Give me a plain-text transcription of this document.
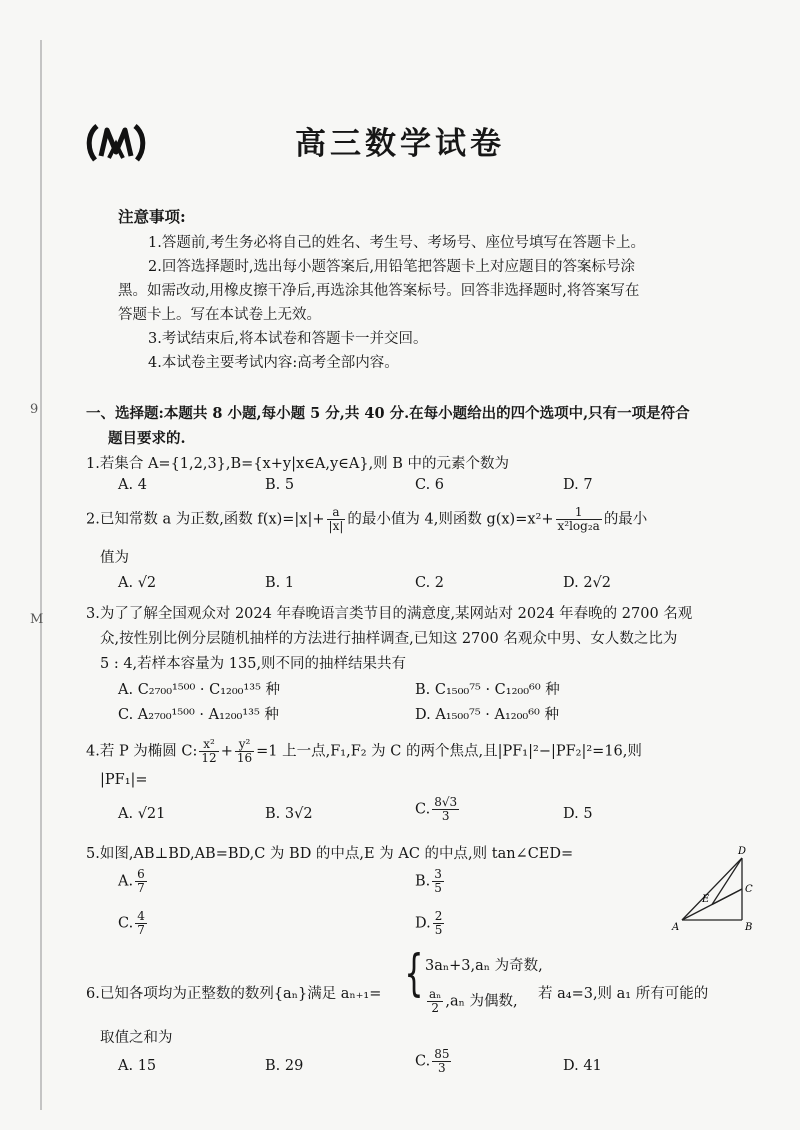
9
M
高三数学试卷
注意事项:
1.答题前,考生务必将自己的姓名、考生号、考场号、座位号填写在答题卡上。
2.回答选择题时,选出每小题答案后,用铅笔把答题卡上对应题目的答案标号涂
黑。如需改动,用橡皮擦干净后,再选涂其他答案标号。回答非选择题时,将答案写在
答题卡上。写在本试卷上无效。
3.考试结束后,将本试卷和答题卡一并交回。
4.本试卷主要考试内容:高考全部内容。
一、选择题:本题共 8 小题,每小题 5 分,共 40 分.在每小题给出的四个选项中,只有一项是符合
题目要求的.
1.若集合 A={1,2,3},B={x+y|x∈A,y∈A},则 B 中的元素个数为
A. 4	B. 5	C. 6	D. 7
2.已知常数 a 为正数,函数 $f(x)=|x|+ \frac{a}{|x|}$ 的最小值为 4,则函数 $g(x)=x^2+ \frac{1}{\text{x²log₂a}}$ 的最小
值为
A. √2	B. 1	C. 2	D. 2√2
3.为了了解全国观众对 2024 年春晚语言类节目的满意度,某网站对 2024 年春晚的 2700 名观
众,按性别比例分层随机抽样的方法进行抽样调查,已知这 2700 名观众中男、女人数之比为
5 : 4,若样本容量为 135,则不同的抽样结果共有
A. C₂₇₀₀¹⁵⁰⁰ · C₁₂₀₀¹³⁵ 种	B. C₁₅₀₀⁷⁵ · C₁₂₀₀⁶⁰ 种
C. A₂₇₀₀¹⁵⁰⁰ · A₁₂₀₀¹³⁵ 种	D. A₁₅₀₀⁷⁵ · A₁₂₀₀⁶⁰ 种
4.若 P 为椭圆 C: $\frac{\text{x²}}{12} + \frac{\text{y²}}{16} =1$ 上一点,F₁,F₂ 为 C 的两个焦点,且|PF₁|²−|PF₂|²=16,则
|PF₁|=
A. √21	B. 3√2	C. $\frac{8√3}{3}$	D. 5
5.如图,AB⊥BD,AB=BD,C 为 BD 的中点,E 为 AC 的中点,则 tan∠CED=
A. $\frac{6}{7}$	B. $\frac{3}{5}$
C. $\frac{4}{7}$	D. $\frac{2}{5}$
D
E
C
A	B
6.已知各项均为正整数的数列{aₙ}满足 aₙ₊₁= { 3aₙ+3,aₙ 为奇数,
$\frac{\text{aₙ}}{2} ,a_n$ 为偶数, 若 a₄=3,则 a₁ 所有可能的
取值之和为
A. 15	B. 29	C. $\frac{85}{3}$	D. 41
